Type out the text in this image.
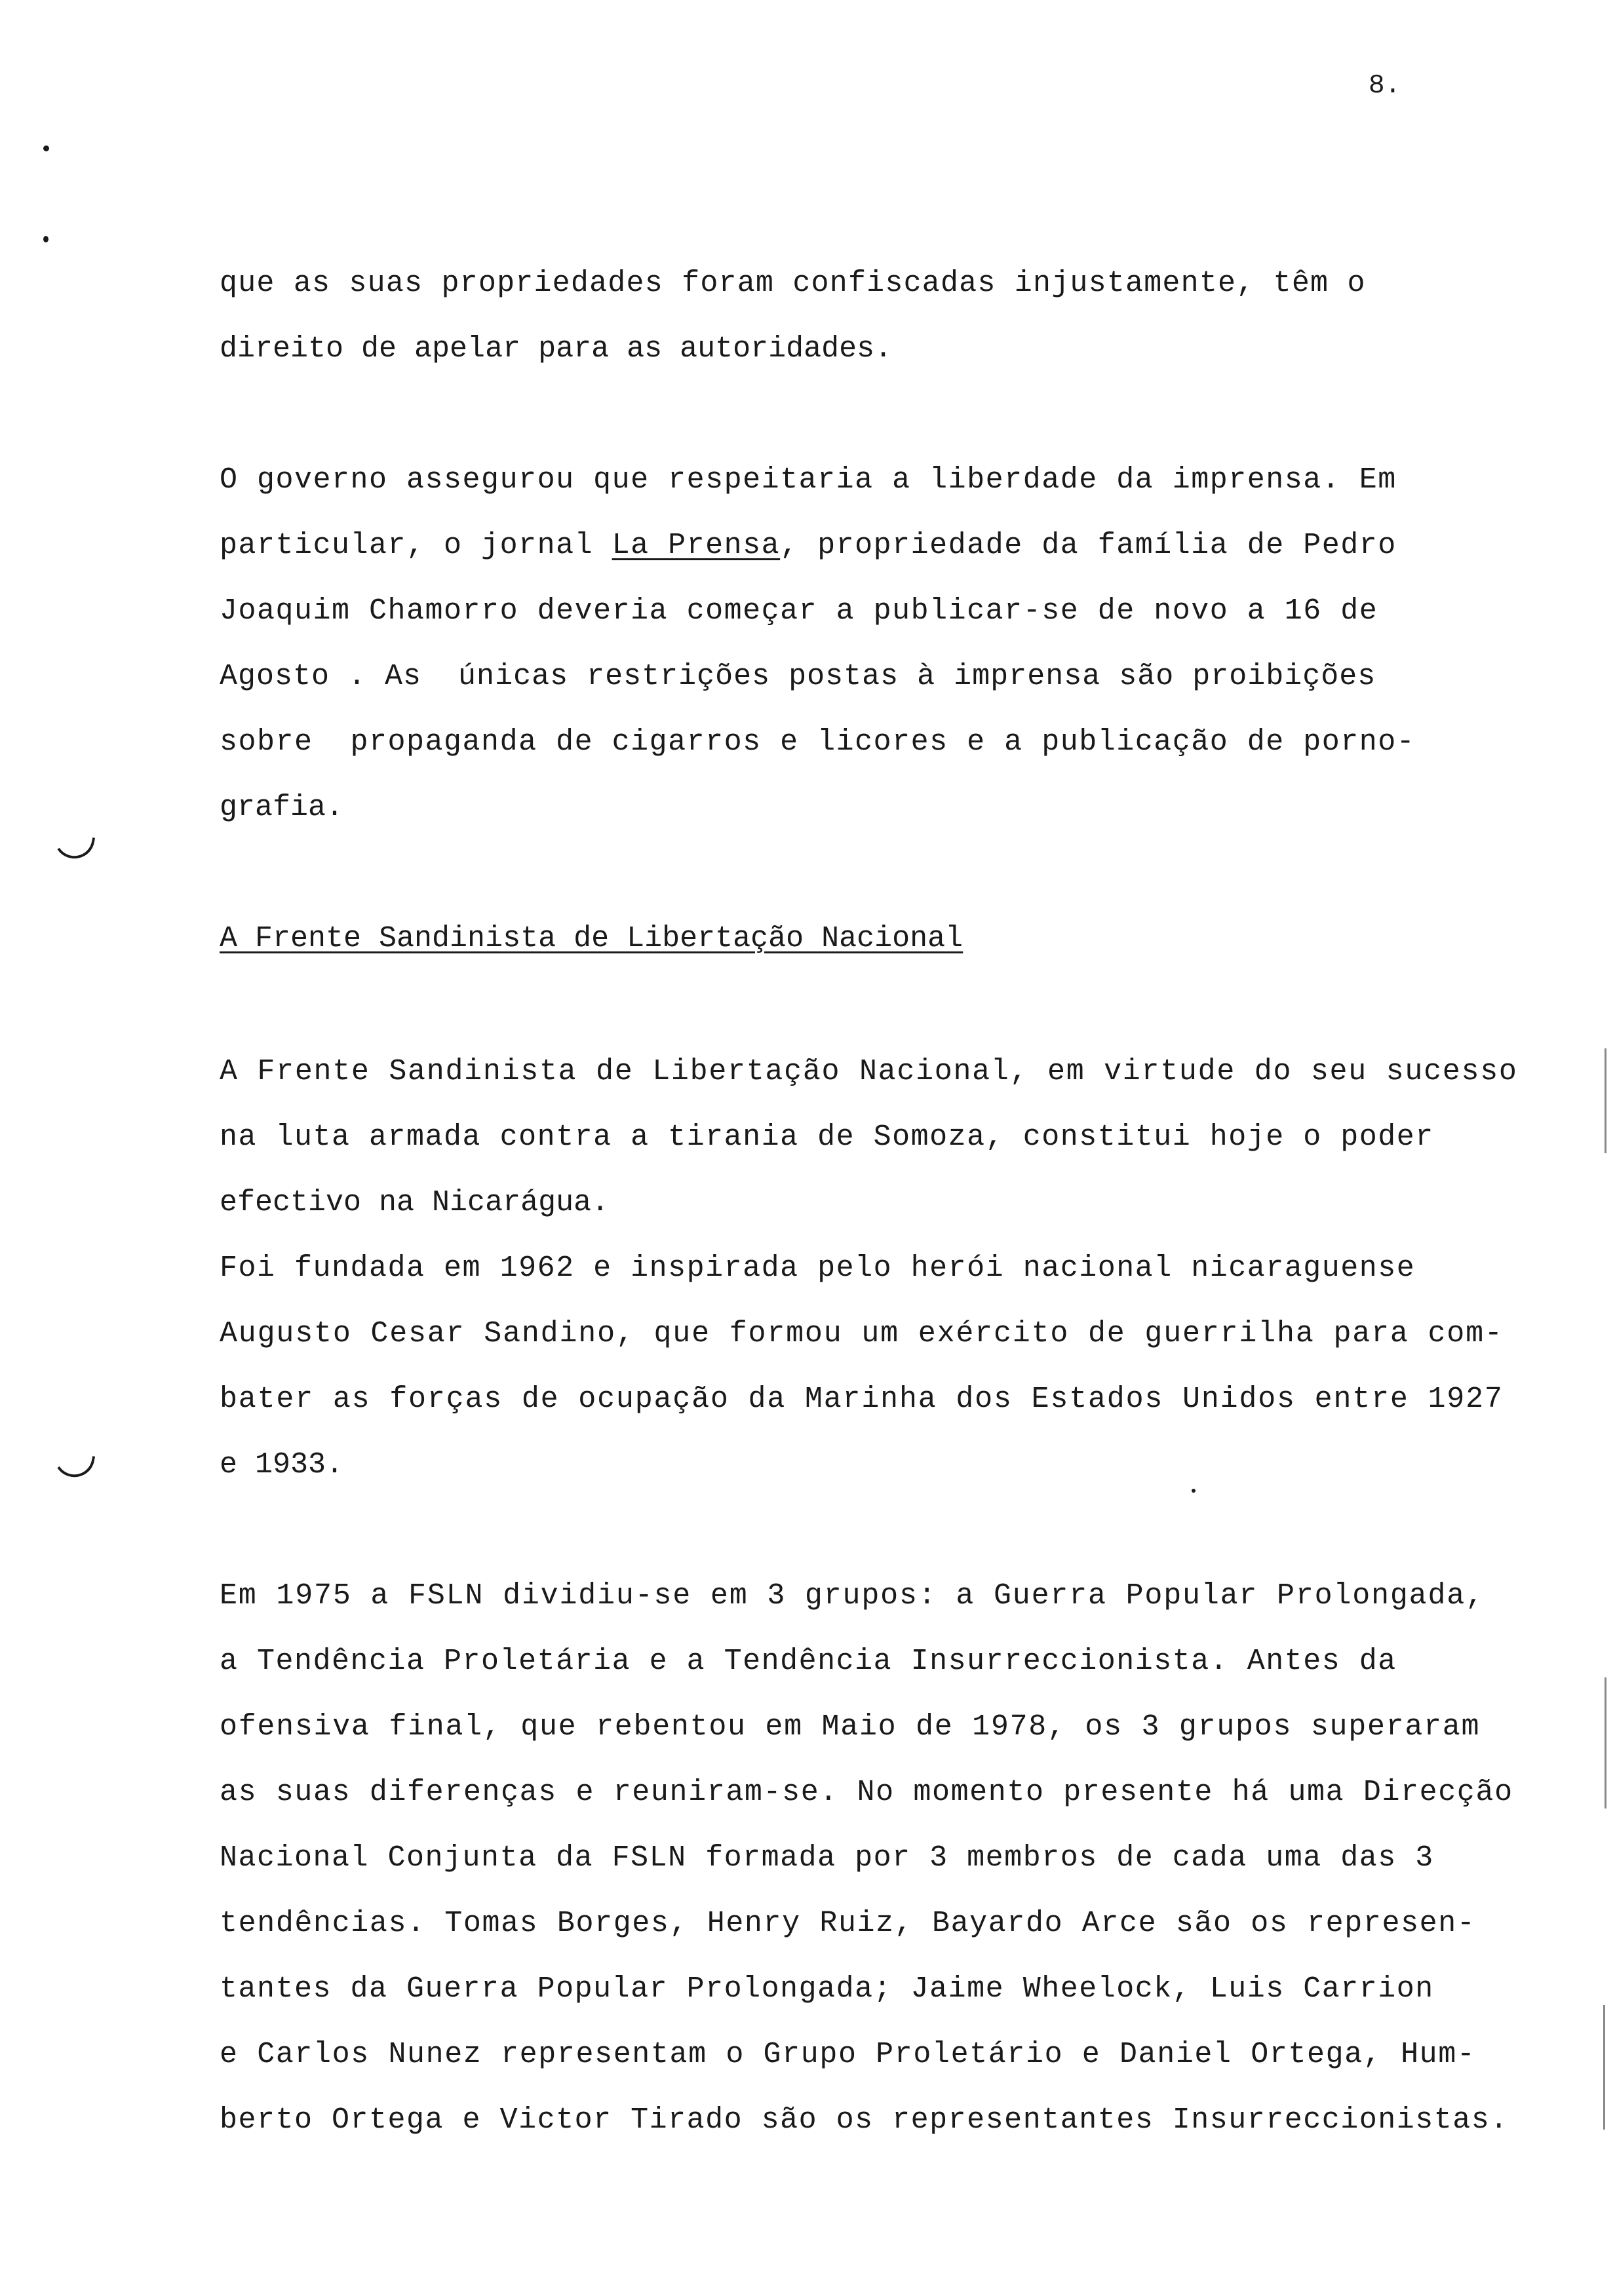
8.
que as suas propriedades foram confiscadas injustamente, têm o
direito de apelar para as autoridades.
O governo assegurou que respeitaria a liberdade da imprensa. Em
particular, o jornal La Prensa, propriedade da família de Pedro
Joaquim Chamorro deveria começar a publicar-se de novo a 16 de
Agosto . As  únicas restrições postas à imprensa são proibições
sobre  propaganda de cigarros e licores e a publicação de porno-
grafia.
A Frente Sandinista de Libertação Nacional
A Frente Sandinista de Libertação Nacional, em virtude do seu sucesso
na luta armada contra a tirania de Somoza, constitui hoje o poder
efectivo na Nicarágua.
Foi fundada em 1962 e inspirada pelo herói nacional nicaraguense
Augusto Cesar Sandino, que formou um exército de guerrilha para com-
bater as forças de ocupação da Marinha dos Estados Unidos entre 1927
e 1933.
Em 1975 a FSLN dividiu-se em 3 grupos: a Guerra Popular Prolongada,
a Tendência Proletária e a Tendência Insurreccionista. Antes da
ofensiva final, que rebentou em Maio de 1978, os 3 grupos superaram
as suas diferenças e reuniram-se. No momento presente há uma Direcção
Nacional Conjunta da FSLN formada por 3 membros de cada uma das 3
tendências. Tomas Borges, Henry Ruiz, Bayardo Arce são os represen-
tantes da Guerra Popular Prolongada; Jaime Wheelock, Luis Carrion
e Carlos Nunez representam o Grupo Proletário e Daniel Ortega, Hum-
berto Ortega e Victor Tirado são os representantes Insurreccionistas.
